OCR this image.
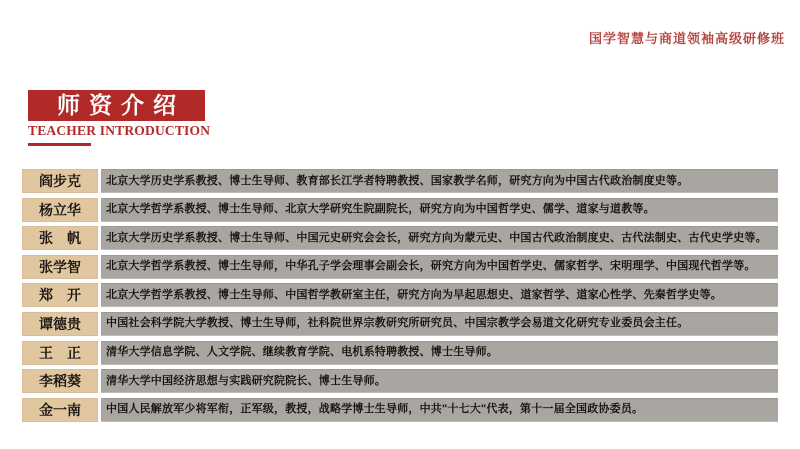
国学智慧与商道领袖高级研修班
师资介绍
TEACHER INTRODUCTION
阎步克	北京大学历史学系教授、博士生导师、教育部长江学者特聘教授、国家教学名师，研究方向为中国古代政治制度史等。
杨立华	北京大学哲学系教授、博士生导师、北京大学研究生院副院长，研究方向为中国哲学史、儒学、道家与道教等。
张　帆	北京大学历史学系教授、博士生导师、中国元史研究会会长，研究方向为蒙元史、中国古代政治制度史、古代法制史、古代史学史等。
张学智	北京大学哲学系教授、博士生导师，中华孔子学会理事会副会长，研究方向为中国哲学史、儒家哲学、宋明理学、中国现代哲学等。
郑　开	北京大学哲学系教授、博士生导师、中国哲学教研室主任，研究方向为早起思想史、道家哲学、道家心性学、先秦哲学史等。
谭德贵	中国社会科学院大学教授、博士生导师，社科院世界宗教研究所研究员、中国宗教学会易道文化研究专业委员会主任。
王　正	清华大学信息学院、人文学院、继续教育学院、电机系特聘教授、博士生导师。
李稻葵	清华大学中国经济思想与实践研究院院长、博士生导师。
金一南	中国人民解放军少将军衔，正军级，教授，战略学博士生导师，中共"十七大"代表，第十一届全国政协委员。
